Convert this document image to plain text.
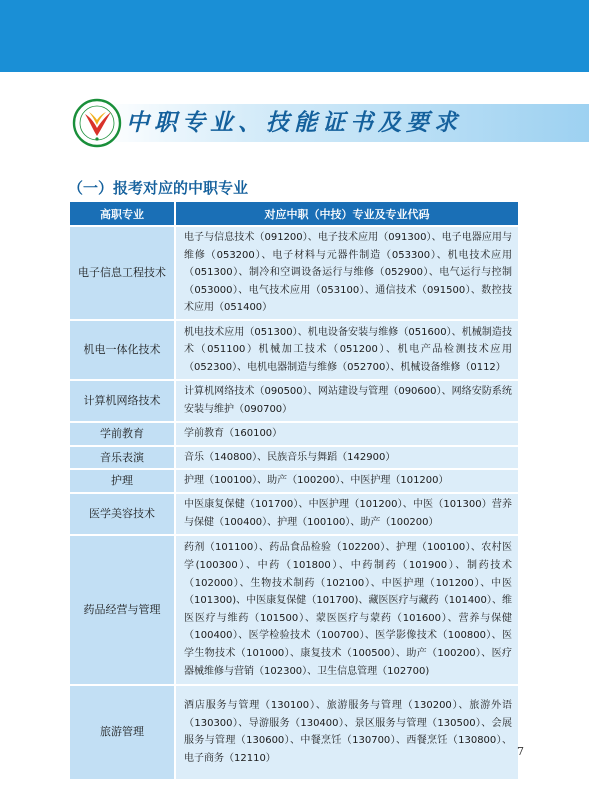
中职专业、技能证书及要求
（一）报考对应的中职专业
高职专业	对应中职（中技）专业及专业代码
电子信息工程技术	电子与信息技术（091200）、电子技术应用（091300）、电子电器应用与维修（053200）、电子材料与元器件制造（053300）、机电技术应用（051300）、制冷和空调设备运行与维修（052900）、电气运行与控制（053000）、电气技术应用（053100）、通信技术（091500）、数控技术应用（051400）
机电一体化技术	机电技术应用（051300）、机电设备安装与维修（051600）、机械制造技术（051100）机械加工技术（051200）、机电产品检测技术应用（052300）、电机电器制造与维修（052700）、机械设备维修（0112）
计算机网络技术	计算机网络技术（090500）、网站建设与管理（090600）、网络安防系统安装与维护（090700）
学前教育	学前教育（160100）
音乐表演	音乐（140800）、民族音乐与舞蹈（142900）
护理	护理（100100）、助产（100200）、中医护理（101200）
医学美容技术	中医康复保健（101700）、中医护理（101200）、中医（101300）营养与保健（100400）、护理（100100）、助产（100200）
药品经营与管理	药剂（101100）、药品食品检验（102200）、护理（100100）、农村医学(100300）、中药（101800）、中药制药（101900）、制药技术（102000）、生物技术制药（102100）、中医护理（101200）、中医（101300)、中医康复保健（101700)、藏医医疗与藏药（101400）、维医医疗与维药（101500）、蒙医医疗与蒙药（101600）、营养与保健（100400）、医学检验技术（100700）、医学影像技术（100800）、医学生物技术（101000）、康复技术（100500）、助产（100200）、医疗器械维修与营销（102300）、卫生信息管理（102700)
旅游管理	酒店服务与管理（130100）、旅游服务与管理（130200）、旅游外语（130300）、导游服务（130400）、景区服务与管理（130500）、会展服务与管理（130600）、中餐烹饪（130700）、西餐烹饪（130800）、电子商务（12110）
7
